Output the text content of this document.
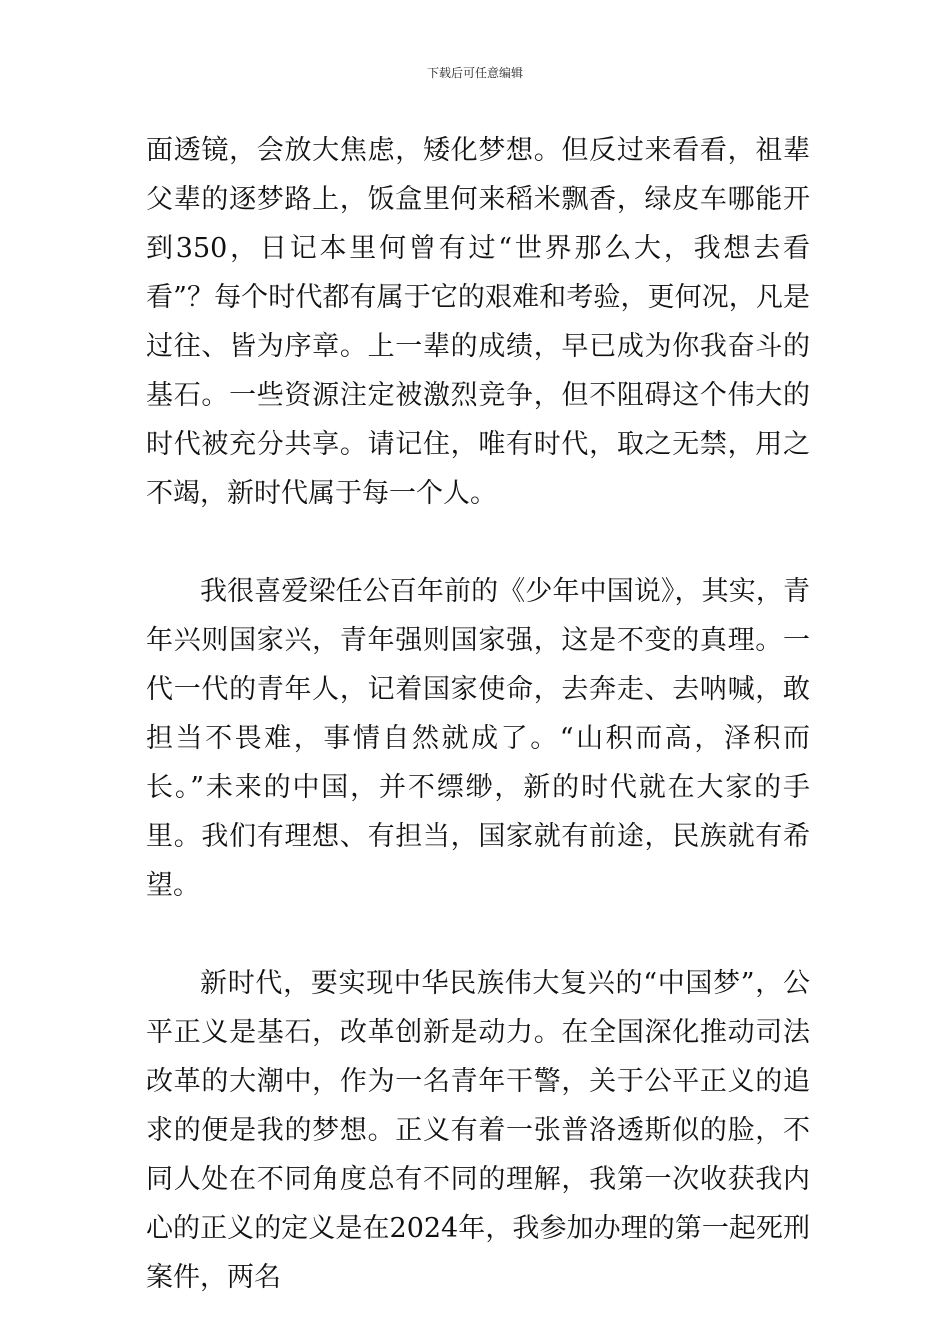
下载后可任意编辑

面透镜，会放大焦虑，矮化梦想。但反过来看看，祖辈父辈的逐梦路上，饭盒里何来稻米飘香，绿皮车哪能开到350，日记本里何曾有过“世界那么大，我想去看看”？每个时代都有属于它的艰难和考验，更何况，凡是过往、皆为序章。上一辈的成绩，早已成为你我奋斗的基石。一些资源注定被激烈竞争，但不阻碍这个伟大的时代被充分共享。请记住，唯有时代，取之无禁，用之不竭，新时代属于每一个人。

我很喜爱梁任公百年前的《少年中国说》，其实，青年兴则国家兴，青年强则国家强，这是不变的真理。一代一代的青年人，记着国家使命，去奔走、去呐喊，敢担当不畏难，事情自然就成了。“山积而高，泽积而长。”未来的中国，并不缥缈，新的时代就在大家的手里。我们有理想、有担当，国家就有前途，民族就有希望。

新时代，要实现中华民族伟大复兴的“中国梦”，公平正义是基石，改革创新是动力。在全国深化推动司法改革的大潮中，作为一名青年干警，关于公平正义的追求的便是我的梦想。正义有着一张普洛透斯似的脸，不同人处在不同角度总有不同的理解，我第一次收获我内心的正义的定义是在2024年，我参加办理的第一起死刑案件，两名
